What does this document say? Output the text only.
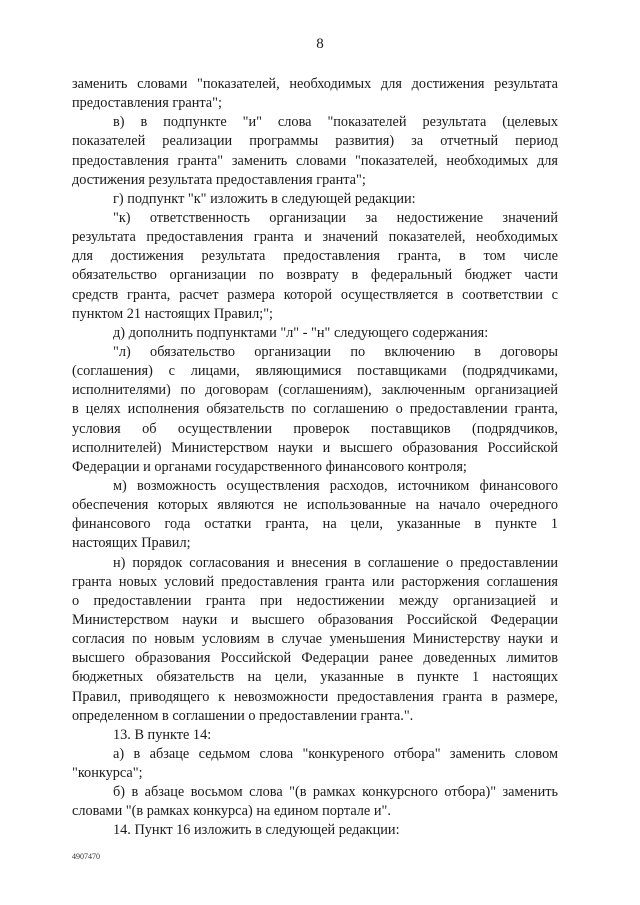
8
заменить словами "показателей, необходимых для достижения результата
предоставления гранта";
в) в подпункте "и" слова "показателей результата (целевых
показателей реализации программы развития) за отчетный период
предоставления гранта" заменить словами "показателей, необходимых для
достижения результата предоставления гранта";
г) подпункт "к" изложить в следующей редакции:
"к) ответственность организации за недостижение значений
результата предоставления гранта и значений показателей, необходимых
для достижения результата предоставления гранта, в том числе
обязательство организации по возврату в федеральный бюджет части
средств гранта, расчет размера которой осуществляется в соответствии с
пунктом 21 настоящих Правил;";
д) дополнить подпунктами "л" - "н" следующего содержания:
"л) обязательство организации по включению в договоры
(соглашения) с лицами, являющимися поставщиками (подрядчиками,
исполнителями) по договорам (соглашениям), заключенным организацией
в целях исполнения обязательств по соглашению о предоставлении гранта,
условия об осуществлении проверок поставщиков (подрядчиков,
исполнителей) Министерством науки и высшего образования Российской
Федерации и органами государственного финансового контроля;
м) возможность осуществления расходов, источником финансового
обеспечения которых являются не использованные на начало очередного
финансового года остатки гранта, на цели, указанные в пункте 1
настоящих Правил;
н) порядок согласования и внесения в соглашение о предоставлении
гранта новых условий предоставления гранта или расторжения соглашения
о предоставлении гранта при недостижении между организацией и
Министерством науки и высшего образования Российской Федерации
согласия по новым условиям в случае уменьшения Министерству науки и
высшего образования Российской Федерации ранее доведенных лимитов
бюджетных обязательств на цели, указанные в пункте 1 настоящих
Правил, приводящего к невозможности предоставления гранта в размере,
определенном в соглашении о предоставлении гранта.".
13. В пункте 14:
а) в абзаце седьмом слова "конкуреного отбора" заменить словом
"конкурса";
б) в абзаце восьмом слова "(в рамках конкурсного отбора)" заменить
словами "(в рамках конкурса) на едином портале и".
14. Пункт 16 изложить в следующей редакции:
4907470
